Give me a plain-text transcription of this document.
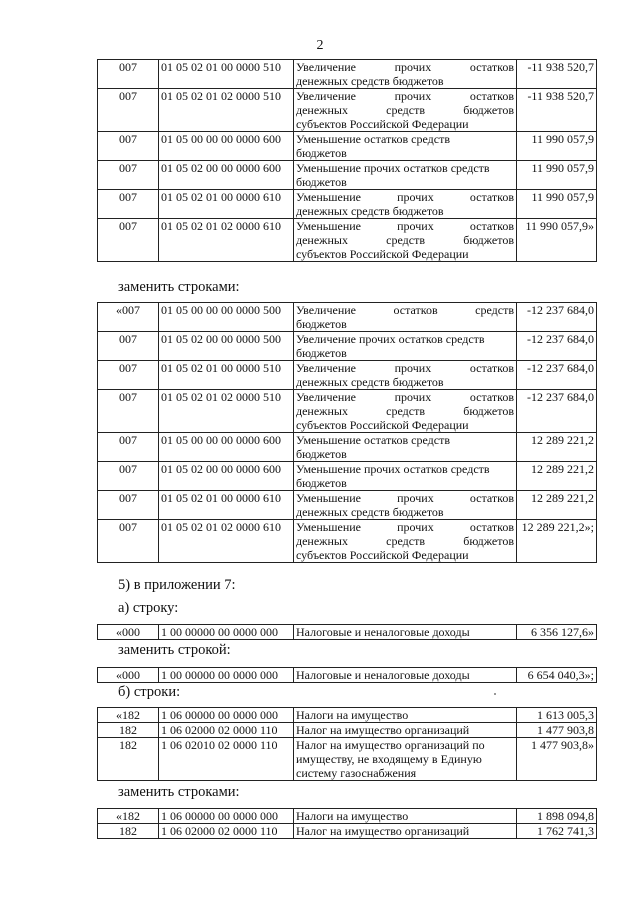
2
007	01 05 02 01 00 0000 510	Увеличение прочих остатков
денежных средств бюджетов	-11 938 520,7
007	01 05 02 01 02 0000 510	Увеличение прочих остатков
денежных средств бюджетов
субъектов Российской Федерации	-11 938 520,7
007	01 05 00 00 00 0000 600	Уменьшение остатков средств
бюджетов	11 990 057,9
007	01 05 02 00 00 0000 600	Уменьшение прочих остатков средств
бюджетов	11 990 057,9
007	01 05 02 01 00 0000 610	Уменьшение прочих остатков
денежных средств бюджетов	11 990 057,9
007	01 05 02 01 02 0000 610	Уменьшение прочих остатков
денежных средств бюджетов
субъектов Российской Федерации	11 990 057,9»
заменить строками:
«007	01 05 00 00 00 0000 500	Увеличение остатков средств
бюджетов	-12 237 684,0
007	01 05 02 00 00 0000 500	Увеличение прочих остатков средств
бюджетов	-12 237 684,0
007	01 05 02 01 00 0000 510	Увеличение прочих остатков
денежных средств бюджетов	-12 237 684,0
007	01 05 02 01 02 0000 510	Увеличение прочих остатков
денежных средств бюджетов
субъектов Российской Федерации	-12 237 684,0
007	01 05 00 00 00 0000 600	Уменьшение остатков средств
бюджетов	12 289 221,2
007	01 05 02 00 00 0000 600	Уменьшение прочих остатков средств
бюджетов	12 289 221,2
007	01 05 02 01 00 0000 610	Уменьшение прочих остатков
денежных средств бюджетов	12 289 221,2
007	01 05 02 01 02 0000 610	Уменьшение прочих остатков
денежных средств бюджетов
субъектов Российской Федерации	12 289 221,2»;
5) в приложении 7:
а) строку:
«000	1 00 00000 00 0000 000	Налоговые и неналоговые доходы	6 356 127,6»
заменить строкой:
«000	1 00 00000 00 0000 000	Налоговые и неналоговые доходы	6 654 040,3»;
б) строки:
«182	1 06 00000 00 0000 000	Налоги на имущество	1 613 005,3
182	1 06 02000 02 0000 110	Налог на имущество организаций	1 477 903,8
182	1 06 02010 02 0000 110	Налог на имущество организаций по
имуществу, не входящему в Единую
систему газоснабжения	1 477 903,8»
заменить строками:
«182	1 06 00000 00 0000 000	Налоги на имущество	1 898 094,8
182	1 06 02000 02 0000 110	Налог на имущество организаций	1 762 741,3
